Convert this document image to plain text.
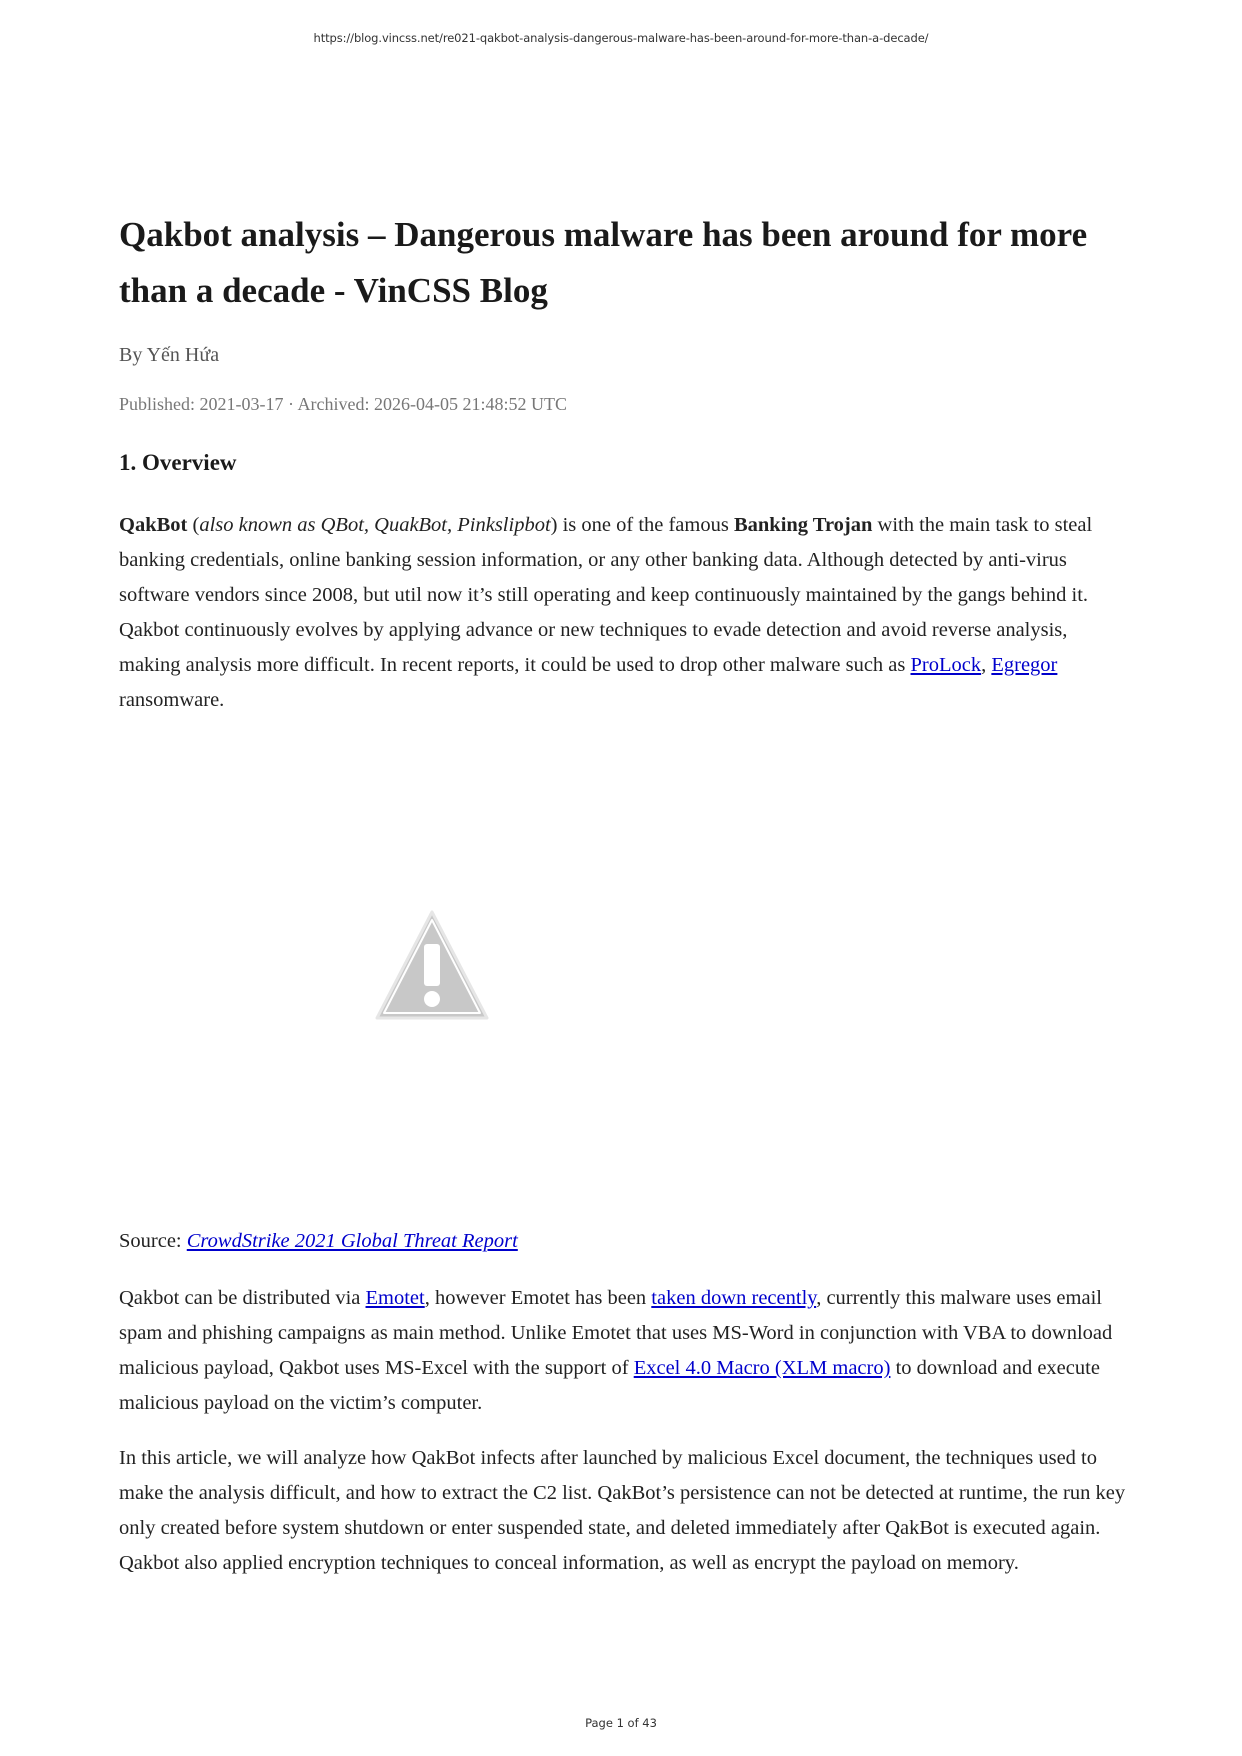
https://blog.vincss.net/re021-qakbot-analysis-dangerous-malware-has-been-around-for-more-than-a-decade/
Qakbot analysis – Dangerous malware has been around for more than a decade - VinCSS Blog
By Yến Hứa
Published: 2021-03-17 · Archived: 2026-04-05 21:48:52 UTC
1. Overview

QakBot (also known as QBot, QuakBot, Pinkslipbot) is one of the famous Banking Trojan with the main task to steal banking credentials, online banking session information, or any other banking data. Although detected by anti-virus software vendors since 2008, but util now it’s still operating and keep continuously maintained by the gangs behind it. Qakbot continuously evolves by applying advance or new techniques to evade detection and avoid reverse analysis, making analysis more difficult. In recent reports, it could be used to drop other malware such as ProLock, Egregor ransomware.

Source: CrowdStrike 2021 Global Threat Report

Qakbot can be distributed via Emotet, however Emotet has been taken down recently, currently this malware uses email spam and phishing campaigns as main method. Unlike Emotet that uses MS-Word in conjunction with VBA to download malicious payload, Qakbot uses MS-Excel with the support of Excel 4.0 Macro (XLM macro) to download and execute malicious payload on the victim’s computer.

In this article, we will analyze how QakBot infects after launched by malicious Excel document, the techniques used to make the analysis difficult, and how to extract the C2 list. QakBot’s persistence can not be detected at runtime, the run key only created before system shutdown or enter suspended state, and deleted immediately after QakBot is executed again. Qakbot also applied encryption techniques to conceal information, as well as encrypt the payload on memory.

Page 1 of 43
